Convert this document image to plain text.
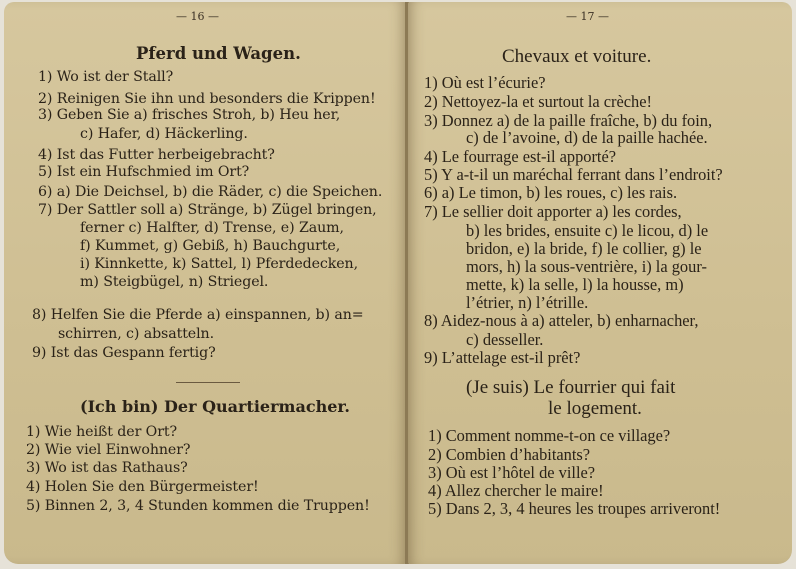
— 16 —
Pferd und Wagen.
1) Wo ist der Stall?
2) Reinigen Sie ihn und besonders die Krippen!
3) Geben Sie a) frisches Stroh, b) Heu her,
c) Hafer, d) Häckerling.
4) Ist das Futter herbeigebracht?
5) Ist ein Hufschmied im Ort?
6) a) Die Deichsel, b) die Räder, c) die Speichen.
7) Der Sattler soll a) Stränge, b) Zügel bringen,
ferner c) Halfter, d) Trense, e) Zaum,
f) Kummet, g) Gebiß, h) Bauchgurte,
i) Kinnkette, k) Sattel, l) Pferdedecken,
m) Steigbügel, n) Striegel.
8) Helfen Sie die Pferde a) einspannen, b) an=
schirren, c) absatteln.
9) Ist das Gespann fertig?
(Ich bin) Der Quartiermacher.
1) Wie heißt der Ort?
2) Wie viel Einwohner?
3) Wo ist das Rathaus?
4) Holen Sie den Bürgermeister!
5) Binnen 2, 3, 4 Stunden kommen die Truppen!
— 17 —
Chevaux et voiture.
1) Où est l’écurie?
2) Nettoyez-la et surtout la crèche!
3) Donnez a) de la paille fraîche, b) du foin,
c) de l’avoine, d) de la paille hachée.
4) Le fourrage est-il apporté?
5) Y a-t-il un maréchal ferrant dans l’endroit?
6) a) Le timon, b) les roues, c) les rais.
7) Le sellier doit apporter a) les cordes,
b) les brides, ensuite c) le licou, d) le
bridon, e) la bride, f) le collier, g) le
mors, h) la sous-ventrière, i) la gour-
mette, k) la selle, l) la housse, m)
l’étrier, n) l’étrille.
8) Aidez-nous à a) atteler, b) enharnacher,
c) desseller.
9) L’attelage est-il prêt?
(Je suis) Le fourrier qui fait
le logement.
1) Comment nomme-t-on ce village?
2) Combien d’habitants?
3) Où est l’hôtel de ville?
4) Allez chercher le maire!
5) Dans 2, 3, 4 heures les troupes arriveront!
